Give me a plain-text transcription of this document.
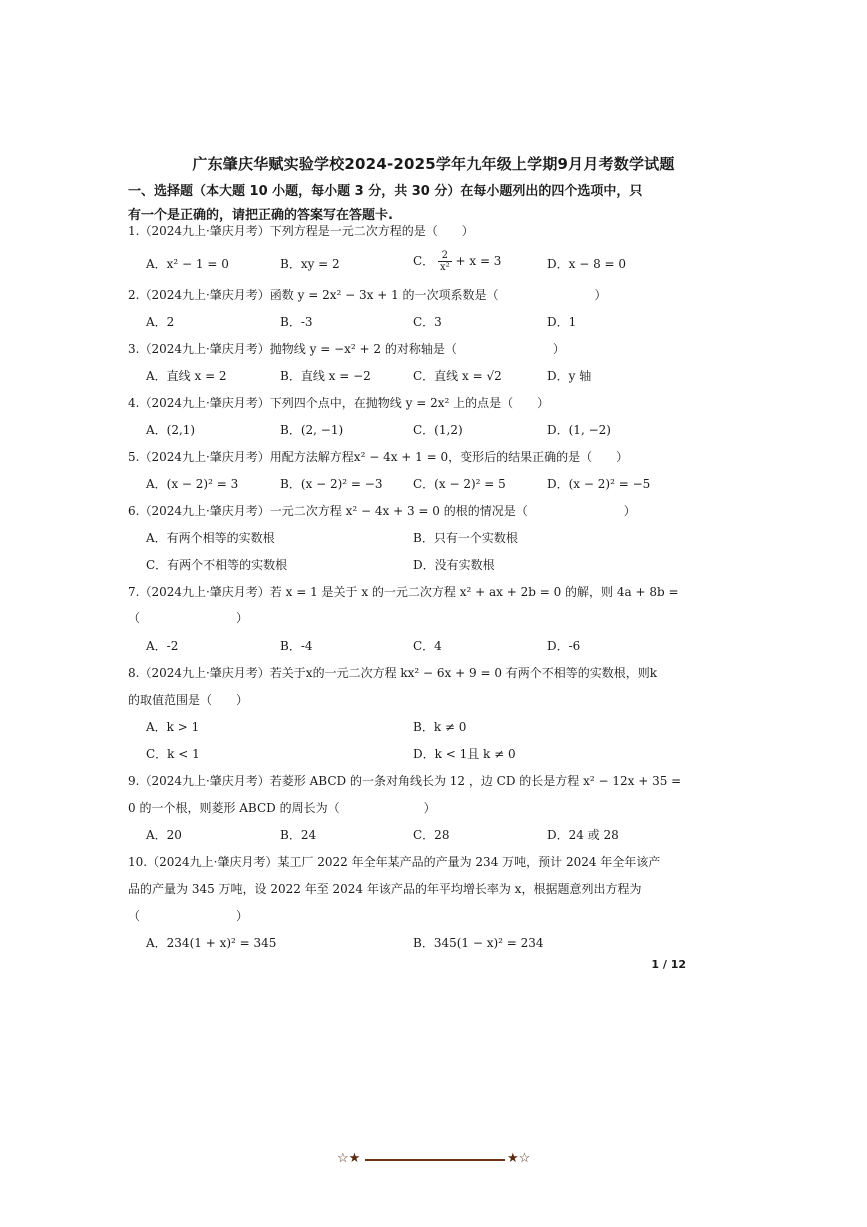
广东肇庆华赋实验学校2024-2025学年九年级上学期9月月考数学试题
一、选择题（本大题 10 小题，每小题 3 分，共 30 分）在每小题列出的四个选项中，只
有一个是正确的，请把正确的答案写在答题卡.
1.（2024九上·肇庆月考）下列方程是一元二次方程的是（　　）
A．x² − 1 = 0	B．xy = 2	C． $\frac{2}{\text{x²}} + x = 3$	D．x − 8 = 0
2.（2024九上·肇庆月考）函数 y = 2x² − 3x + 1 的一次项系数是（　　　　　　　　）
A．2	B．-3	C．3	D．1
3.（2024九上·肇庆月考）抛物线 y = −x² + 2 的对称轴是（　　　　　　　　）
A．直线 x = 2	B．直线 x = −2	C．直线 x = √2	D．y 轴
4.（2024九上·肇庆月考）下列四个点中，在抛物线 y = 2x² 上的点是（　　）
A．(2,1)	B．(2, −1)	C．(1,2)	D．(1, −2)
5.（2024九上·肇庆月考）用配方法解方程x² − 4x + 1 = 0，变形后的结果正确的是（　　）
A．(x − 2)² = 3	B．(x − 2)² = −3	C．(x − 2)² = 5	D．(x − 2)² = −5
6.（2024九上·肇庆月考）一元二次方程 x² − 4x + 3 = 0 的根的情况是（　　　　　　　　）
A．有两个相等的实数根	B．只有一个实数根
C．有两个不相等的实数根	D．没有实数根
7.（2024九上·肇庆月考）若 x = 1 是关于 x 的一元二次方程 x² + ax + 2b = 0 的解，则 4a + 8b =
（　　　　　　　　）
A．-2	B．-4	C．4	D．-6
8.（2024九上·肇庆月考）若关于x的一元二次方程 kx² − 6x + 9 = 0 有两个不相等的实数根，则k
的取值范围是（　　）
A．k > 1	B．k ≠ 0
C．k < 1	D．k < 1且 k ≠ 0
9.（2024九上·肇庆月考）若菱形 ABCD 的一条对角线长为 12 ，边 CD 的长是方程 x² − 12x + 35 =
0 的一个根，则菱形 ABCD 的周长为（　　　　　　　）
A．20	B．24	C．28	D．24 或 28
10.（2024九上·肇庆月考）某工厂 2022 年全年某产品的产量为 234 万吨，预计 2024 年全年该产
品的产量为 345 万吨，设 2022 年至 2024 年该产品的年平均增长率为 x，根据题意列出方程为
（　　　　　　　　）
A．234(1 + x)² = 345	B．345(1 − x)² = 234
1 / 12
☆★	★☆
